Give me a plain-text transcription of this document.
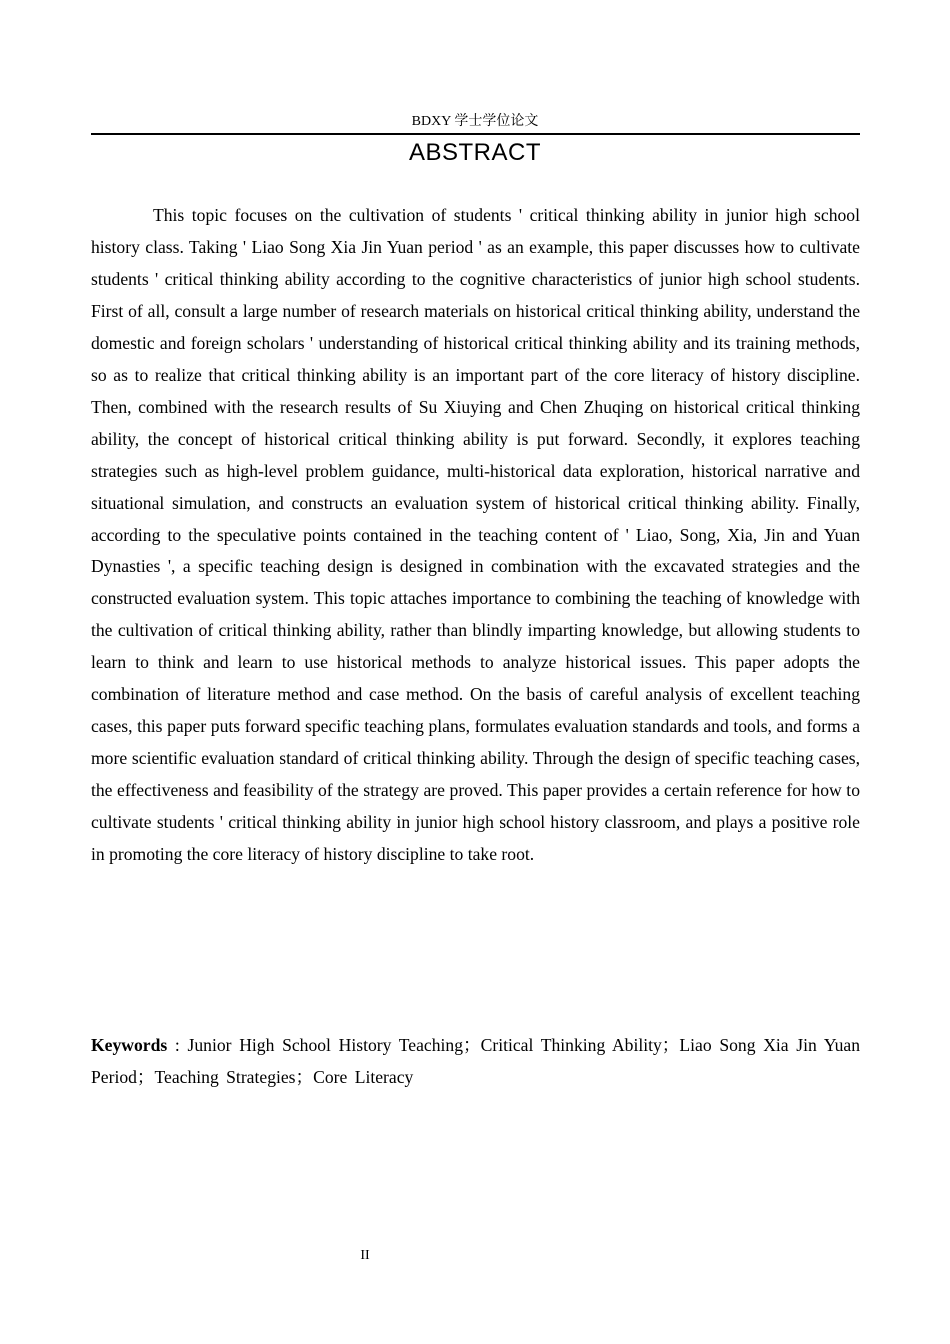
BDXY 学士学位论文
ABSTRACT

This topic focuses on the cultivation of students ' critical thinking ability in junior high school history class. Taking ' Liao Song Xia Jin Yuan period ' as an example, this paper discusses how to cultivate students ' critical thinking ability according to the cognitive characteristics of junior high school students. First of all, consult a large number of research materials on historical critical thinking ability, understand the domestic and foreign scholars ' understanding of historical critical thinking ability and its training methods, so as to realize that critical thinking ability is an important part of the core literacy of history discipline. Then, combined with the research results of Su Xiuying and Chen Zhuqing on historical critical thinking ability, the concept of historical critical thinking ability is put forward. Secondly, it explores teaching strategies such as high-level problem guidance, multi-historical data exploration, historical narrative and situational simulation, and constructs an evaluation system of historical critical thinking ability. Finally, according to the speculative points contained in the teaching content of ' Liao, Song, Xia, Jin and Yuan Dynasties ', a specific teaching design is designed in combination with the excavated strategies and the constructed evaluation system. This topic attaches importance to combining the teaching of knowledge with the cultivation of critical thinking ability, rather than blindly imparting knowledge, but allowing students to learn to think and learn to use historical methods to analyze historical issues. This paper adopts the combination of literature method and case method. On the basis of careful analysis of excellent teaching cases, this paper puts forward specific teaching plans, formulates evaluation standards and tools, and forms a more scientific evaluation standard of critical thinking ability. Through the design of specific teaching cases, the effectiveness and feasibility of the strategy are proved. This paper provides a certain reference for how to cultivate students ' critical thinking ability in junior high school history classroom, and plays a positive role in promoting the core literacy of history discipline to take root.

Keywords : Junior High School History Teaching；Critical Thinking Ability；Liao Song Xia Jin Yuan Period；Teaching Strategies；Core Literacy

II
